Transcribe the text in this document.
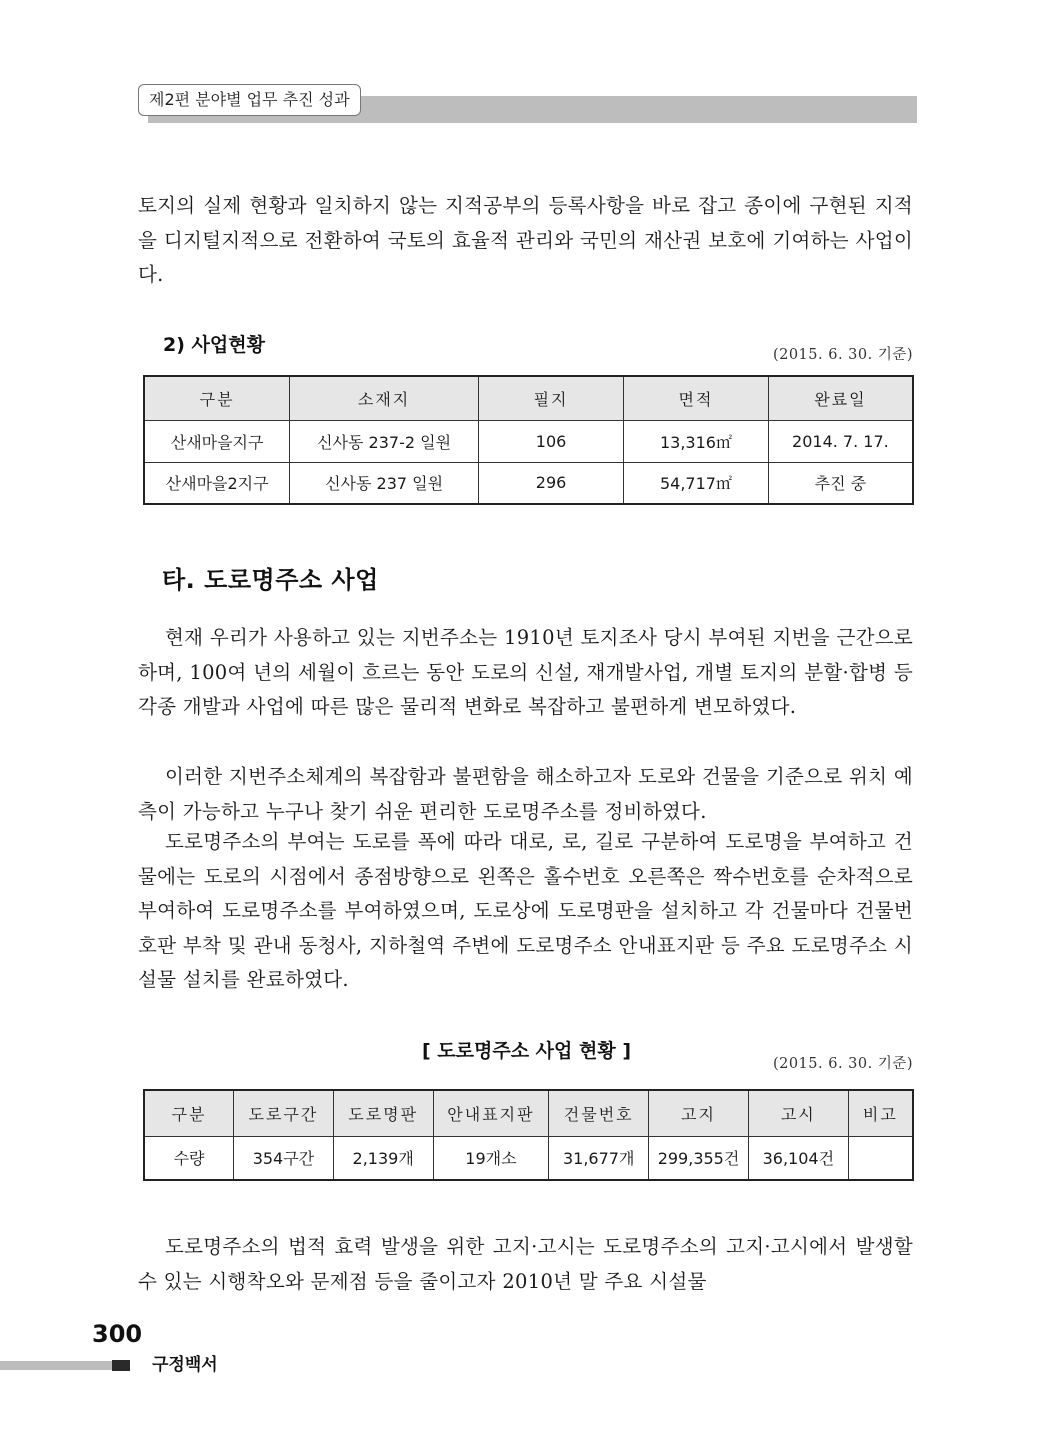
제2편 분야별 업무 추진 성과

토지의 실제 현황과 일치하지 않는 지적공부의 등록사항을 바로 잡고 종이에 구현된 지적을 디지털지적으로 전환하여 국토의 효율적 관리와 국민의 재산권 보호에 기여하는 사업이다.

2) 사업현황	(2015. 6. 30. 기준)
구분	소재지	필지	면적	완료일
산새마을지구	신사동 237-2 일원	106	13,316㎡	2014. 7. 17.
산새마을2지구	신사동 237 일원	296	54,717㎡	추진 중
타. 도로명주소 사업

현재 우리가 사용하고 있는 지번주소는 1910년 토지조사 당시 부여된 지번을 근간으로 하며, 100여 년의 세월이 흐르는 동안 도로의 신설, 재개발사업, 개별 토지의 분할·합병 등 각종 개발과 사업에 따른 많은 물리적 변화로 복잡하고 불편하게 변모하였다.

이러한 지번주소체계의 복잡함과 불편함을 해소하고자 도로와 건물을 기준으로 위치 예측이 가능하고 누구나 찾기 쉬운 편리한 도로명주소를 정비하였다.

도로명주소의 부여는 도로를 폭에 따라 대로, 로, 길로 구분하여 도로명을 부여하고 건물에는 도로의 시점에서 종점방향으로 왼쪽은 홀수번호 오른쪽은 짝수번호를 순차적으로 부여하여 도로명주소를 부여하였으며, 도로상에 도로명판을 설치하고 각 건물마다 건물번호판 부착 및 관내 동청사, 지하철역 주변에 도로명주소 안내표지판 등 주요 도로명주소 시설물 설치를 완료하였다.

[ 도로명주소 사업 현황 ]
(2015. 6. 30. 기준)
구분	도로구간	도로명판	안내표지판	건물번호	고지	고시	비고
수량	354구간	2,139개	19개소	31,677개	299,355건	36,104건	

도로명주소의 법적 효력 발생을 위한 고지·고시는 도로명주소의 고지·고시에서 발생할 수 있는 시행착오와 문제점 등을 줄이고자 2010년 말 주요 시설물

300
구정백서
